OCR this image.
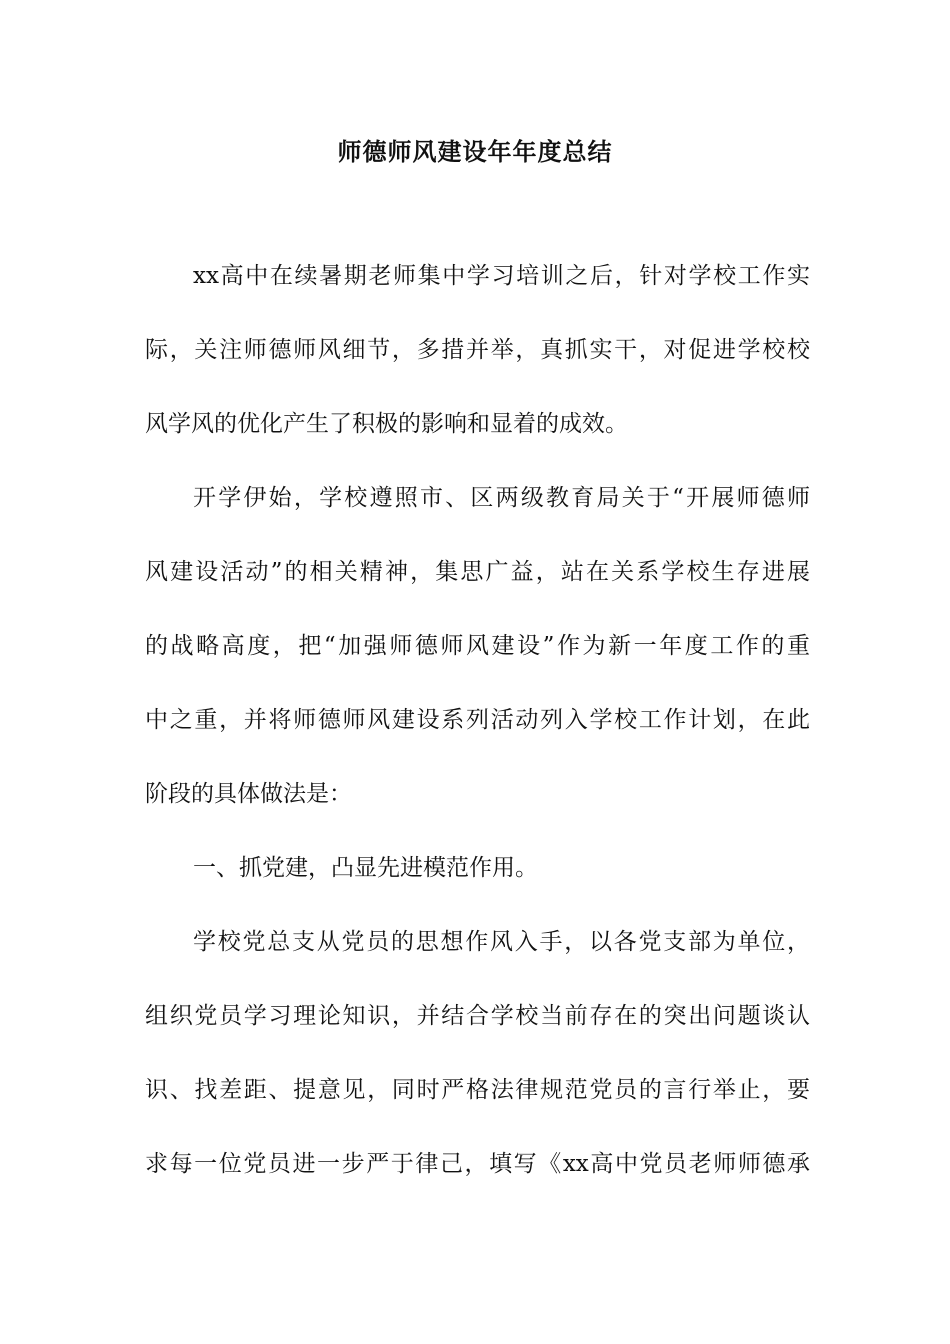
师德师风建设年年度总结
xx高中在续暑期老师集中学习培训之后，针对学校工作实
际，关注师德师风细节，多措并举，真抓实干，对促进学校校
风学风的优化产生了积极的影响和显着的成效。
开学伊始，学校遵照市、区两级教育局关于“开展师德师
风建设活动”的相关精神，集思广益，站在关系学校生存进展
的战略高度，把“加强师德师风建设”作为新一年度工作的重
中之重，并将师德师风建设系列活动列入学校工作计划，在此
阶段的具体做法是：
一、抓党建，凸显先进模范作用。
学校党总支从党员的思想作风入手，以各党支部为单位，
组织党员学习理论知识，并结合学校当前存在的突出问题谈认
识、找差距、提意见，同时严格法律规范党员的言行举止，要
求每一位党员进一步严于律己，填写《xx高中党员老师师德承
